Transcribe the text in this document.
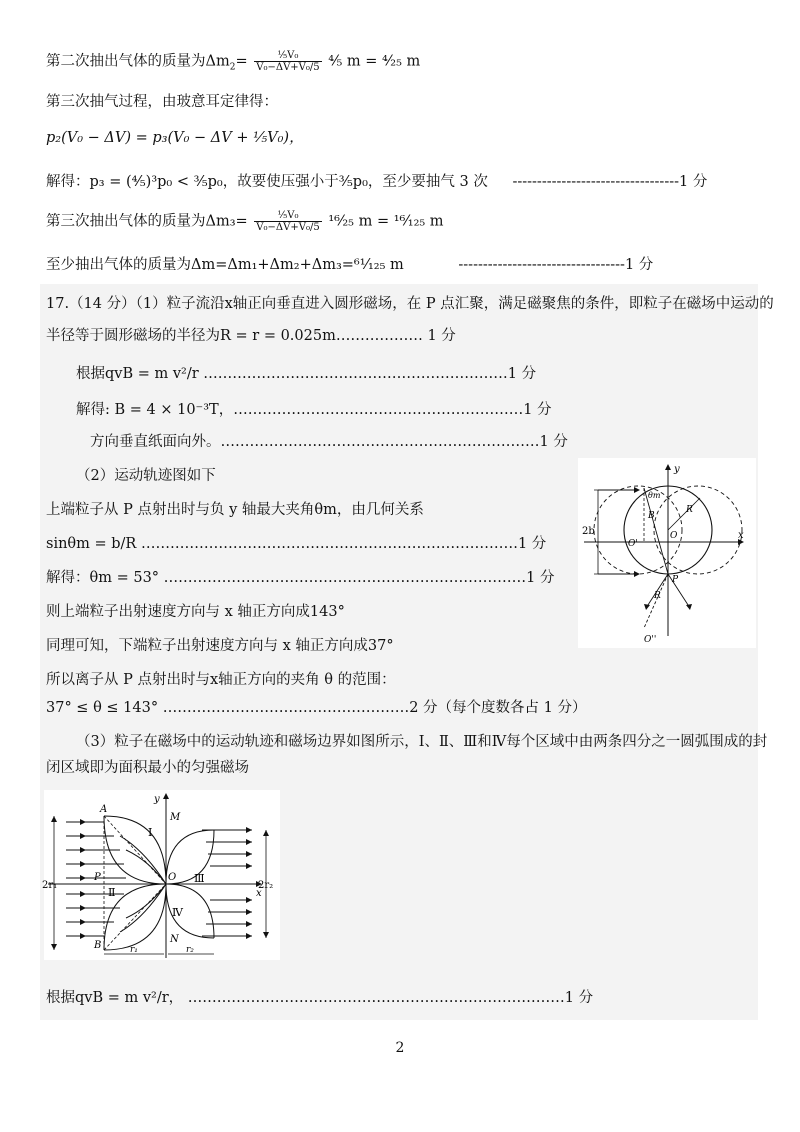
第二次抽出气体的质量为$\Delta m_2= \frac{\text{¹⁄₅V₀}}{\text{V₀−ΔV+V₀/5}}$ ⁴⁄₅ m = ⁴⁄₂₅ m
第三次抽气过程，由玻意耳定律得：
p₂(V₀ − ΔV) = p₃(V₀ − ΔV + ¹⁄₅V₀)，
解得：p₃ = (⁴⁄₅)³p₀ < ³⁄₅p₀，故要使压强小于³⁄₅p₀，至少要抽气 3 次 ----------------------------------1 分
第三次抽出气体的质量为$\Delta m_3= \frac{\text{¹⁄₅V₀}}{\text{V₀−ΔV+V₀/5}}$ ¹⁶⁄₂₅ m = ¹⁶⁄₁₂₅ m
至少抽出气体的质量为Δm=Δm₁+Δm₂+Δm₃=⁶¹⁄₁₂₅ m	----------------------------------1 分
17.（14 分）（1）粒子流沿x轴正向垂直进入圆形磁场，在 P 点汇聚，满足磁聚焦的条件，即粒子在磁场中运动的
半径等于圆形磁场的半径为R = r = 0.025m……………… 1 分
根据qvB = m v²/r ………………………………………………………1 分
解得: B = 4 × 10⁻³T，……………………………………………………1 分
方向垂直纸面向外。…………………………………………………………1 分
（2）运动轨迹图如下
上端粒子从 P 点射出时与负 y 轴最大夹角θm，由几何关系
sinθm = b/R ……………………………………………………………………1 分
解得：θm = 53° …………………………………………………………………1 分
则上端粒子出射速度方向与 x 轴正方向成143°
同理可知，下端粒子出射速度方向与 x 轴正方向成37°
所以离子从 P 点射出时与x轴正方向的夹角 θ 的范围：
37° ≤ θ ≤ 143° ……………………………………………2 分（每个度数各占 1 分）
（3）粒子在磁场中的运动轨迹和磁场边界如图所示，Ⅰ、Ⅱ、Ⅲ和Ⅳ每个区域中由两条四分之一圆弧围成的封
闭区域即为面积最小的匀强磁场
根据qvB = m v²/r， ……………………………………………………………………1 分
y
x
2b
B
R
R
O
O'
O''
P
θm
x
y
2r₁	2r₂
r₁	r₂
A
M
B
N
P	O
Ⅰ
Ⅱ
Ⅲ
Ⅳ
2
